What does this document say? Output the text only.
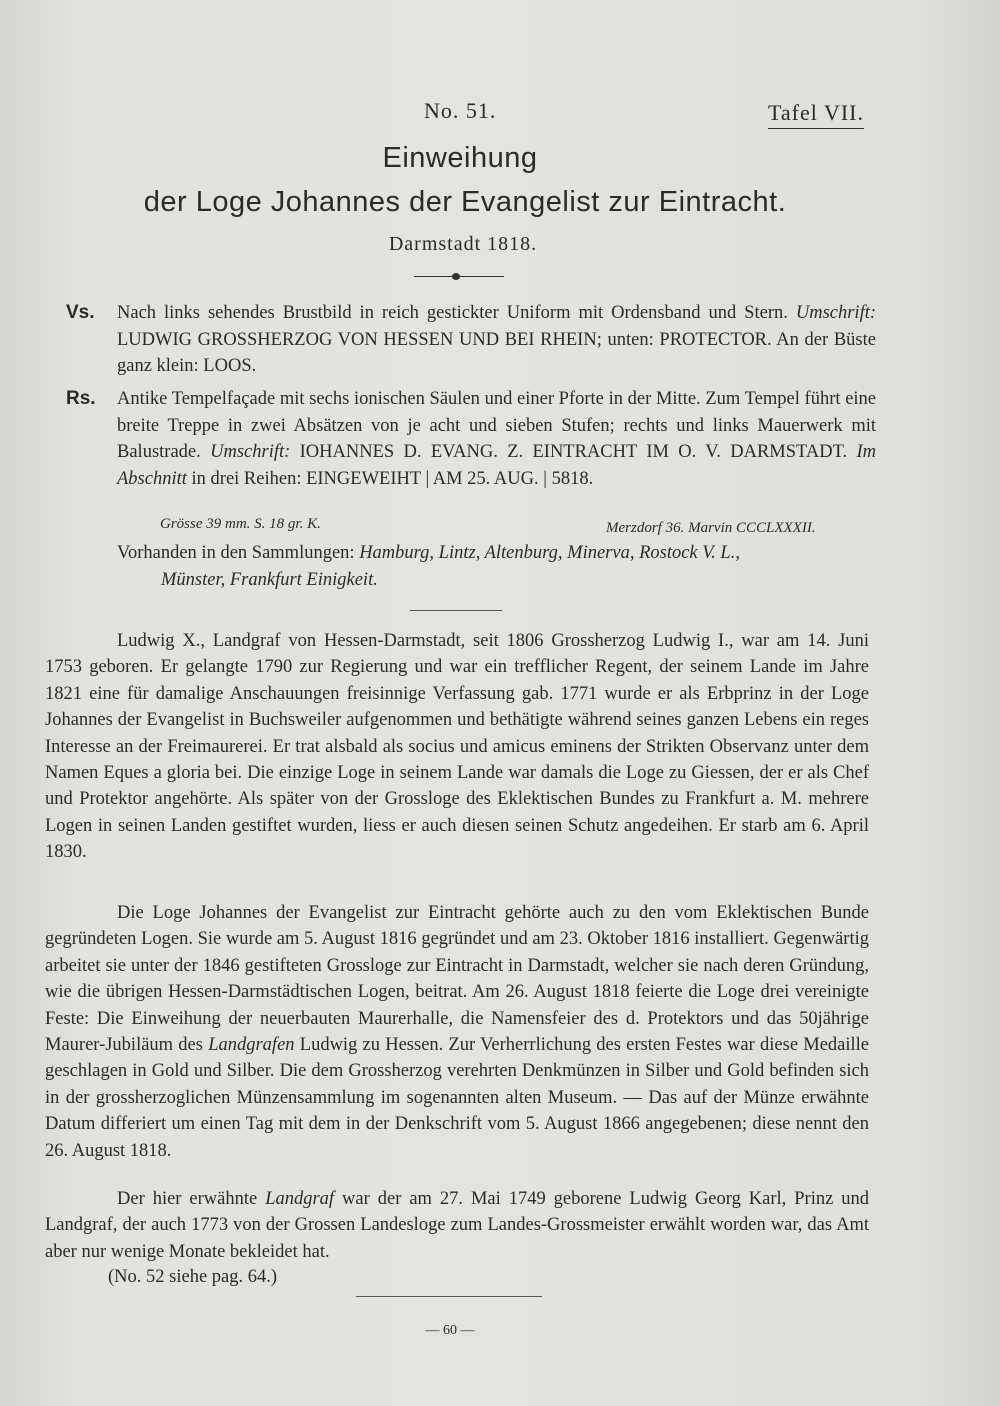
No. 51.	Tafel VII.
Einweihung
der Loge Johannes der Evangelist zur Eintracht.
Darmstadt 1818.
Vs. Nach links sehendes Brustbild in reich gestickter Uniform mit Ordensband und Stern. Umschrift: LUDWIG GROSSHERZOG VON HESSEN UND BEI RHEIN; unten: PROTECTOR. An der Büste ganz klein: LOOS.
Rs. Antike Tempelfaçade mit sechs ionischen Säulen und einer Pforte in der Mitte. Zum Tempel führt eine breite Treppe in zwei Absätzen von je acht und sieben Stufen; rechts und links Mauerwerk mit Balustrade. Umschrift: IOHANNES D. EVANG. Z. EINTRACHT IM O. V. DARMSTADT. Im Abschnitt in drei Reihen: EINGEWEIHT | AM 25. AUG. | 5818.
Grösse 39 mm. S. 18 gr. K.	Merzdorf 36. Marvin CCCLXXXII.
Vorhanden in den Sammlungen: Hamburg, Lintz, Altenburg, Minerva, Rostock V. L.,
Münster, Frankfurt Einigkeit.
Ludwig X., Landgraf von Hessen-Darmstadt, seit 1806 Grossherzog Ludwig I., war am 14. Juni 1753 geboren. Er gelangte 1790 zur Regierung und war ein trefflicher Regent, der seinem Lande im Jahre 1821 eine für damalige Anschauungen freisinnige Verfassung gab. 1771 wurde er als Erbprinz in der Loge Johannes der Evangelist in Buchsweiler aufgenommen und bethätigte während seines ganzen Lebens ein reges Interesse an der Freimaurerei. Er trat alsbald als socius und amicus eminens der Strikten Observanz unter dem Namen Eques a gloria bei. Die einzige Loge in seinem Lande war damals die Loge zu Giessen, der er als Chef und Protektor angehörte. Als später von der Grossloge des Eklektischen Bundes zu Frankfurt a. M. mehrere Logen in seinen Landen gestiftet wurden, liess er auch diesen seinen Schutz angedeihen. Er starb am 6. April 1830.
Die Loge Johannes der Evangelist zur Eintracht gehörte auch zu den vom Eklektischen Bunde gegründeten Logen. Sie wurde am 5. August 1816 gegründet und am 23. Oktober 1816 installiert. Gegenwärtig arbeitet sie unter der 1846 gestifteten Grossloge zur Eintracht in Darmstadt, welcher sie nach deren Gründung, wie die übrigen Hessen-Darmstädtischen Logen, beitrat. Am 26. August 1818 feierte die Loge drei vereinigte Feste: Die Einweihung der neuerbauten Maurerhalle, die Namensfeier des d. Protektors und das 50jährige Maurer-Jubiläum des Landgrafen Ludwig zu Hessen. Zur Verherrlichung des ersten Festes war diese Medaille geschlagen in Gold und Silber. Die dem Grossherzog verehrten Denkmünzen in Silber und Gold befinden sich in der grossherzoglichen Münzensammlung im sogenannten alten Museum. — Das auf der Münze erwähnte Datum differiert um einen Tag mit dem in der Denkschrift vom 5. August 1866 angegebenen; diese nennt den 26. August 1818.
Der hier erwähnte Landgraf war der am 27. Mai 1749 geborene Ludwig Georg Karl, Prinz und Landgraf, der auch 1773 von der Grossen Landesloge zum Landes-Grossmeister erwählt worden war, das Amt aber nur wenige Monate bekleidet hat.
(No. 52 siehe pag. 64.)
— 60 —
